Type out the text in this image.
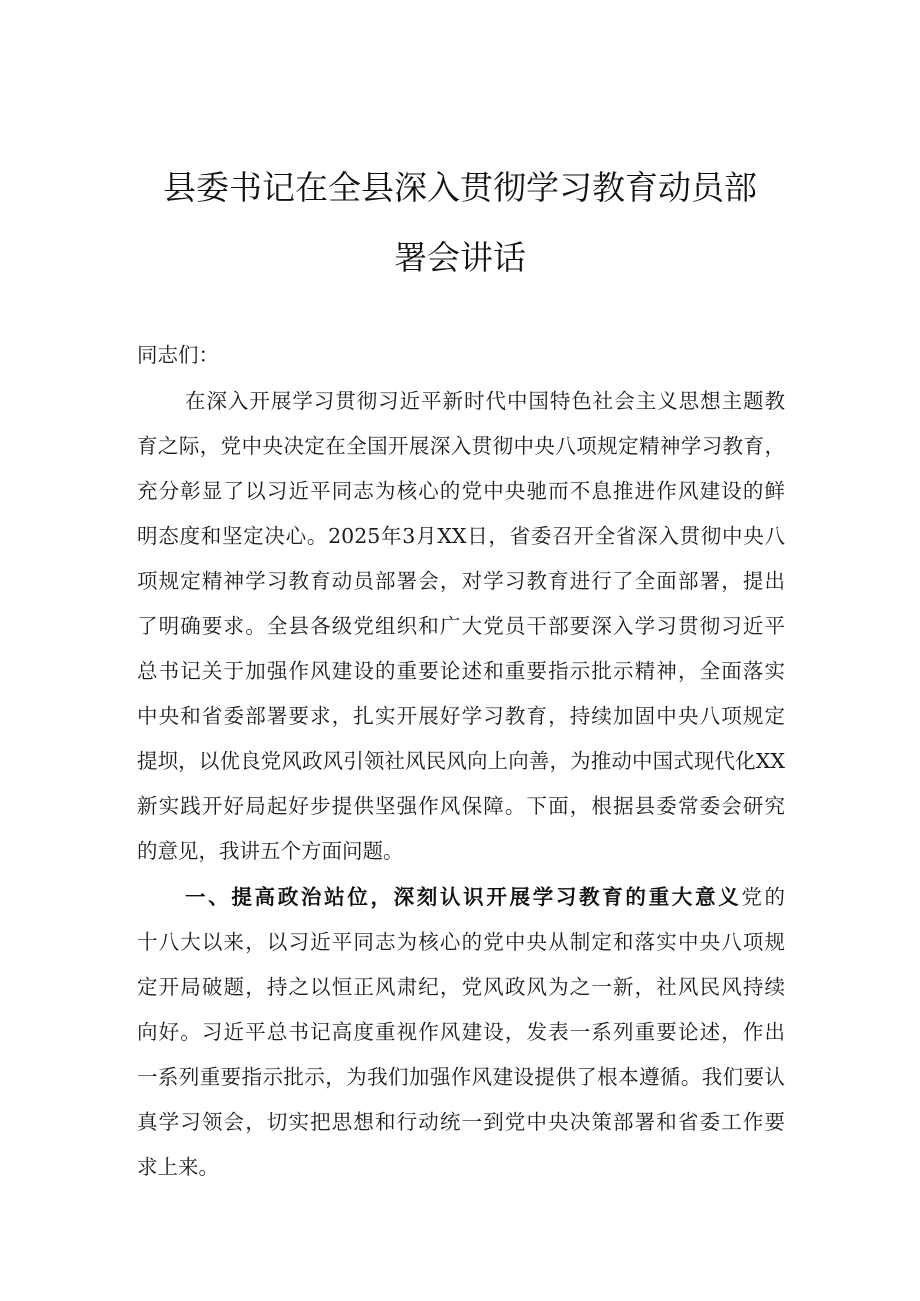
县委书记在全县深入贯彻学习教育动员部
署会讲话
同志们：
在深入开展学习贯彻习近平新时代中国特色社会主义思想主题教
育之际，党中央决定在全国开展深入贯彻中央八项规定精神学习教育，
充分彰显了以习近平同志为核心的党中央驰而不息推进作风建设的鲜
明态度和坚定决心。2025年3月XX日，省委召开全省深入贯彻中央八
项规定精神学习教育动员部署会，对学习教育进行了全面部署，提出
了明确要求。全县各级党组织和广大党员干部要深入学习贯彻习近平
总书记关于加强作风建设的重要论述和重要指示批示精神，全面落实
中央和省委部署要求，扎实开展好学习教育，持续加固中央八项规定
提坝，以优良党风政风引领社风民风向上向善，为推动中国式现代化XX
新实践开好局起好步提供坚强作风保障。下面，根据县委常委会研究
的意见，我讲五个方面问题。
一、提高政治站位，深刻认识开展学习教育的重大意义党的
十八大以来，以习近平同志为核心的党中央从制定和落实中央八项规
定开局破题，持之以恒正风肃纪，党风政风为之一新，社风民风持续
向好。习近平总书记高度重视作风建设，发表一系列重要论述，作出
一系列重要指示批示，为我们加强作风建设提供了根本遵循。我们要认
真学习领会，切实把思想和行动统一到党中央决策部署和省委工作要
求上来。
